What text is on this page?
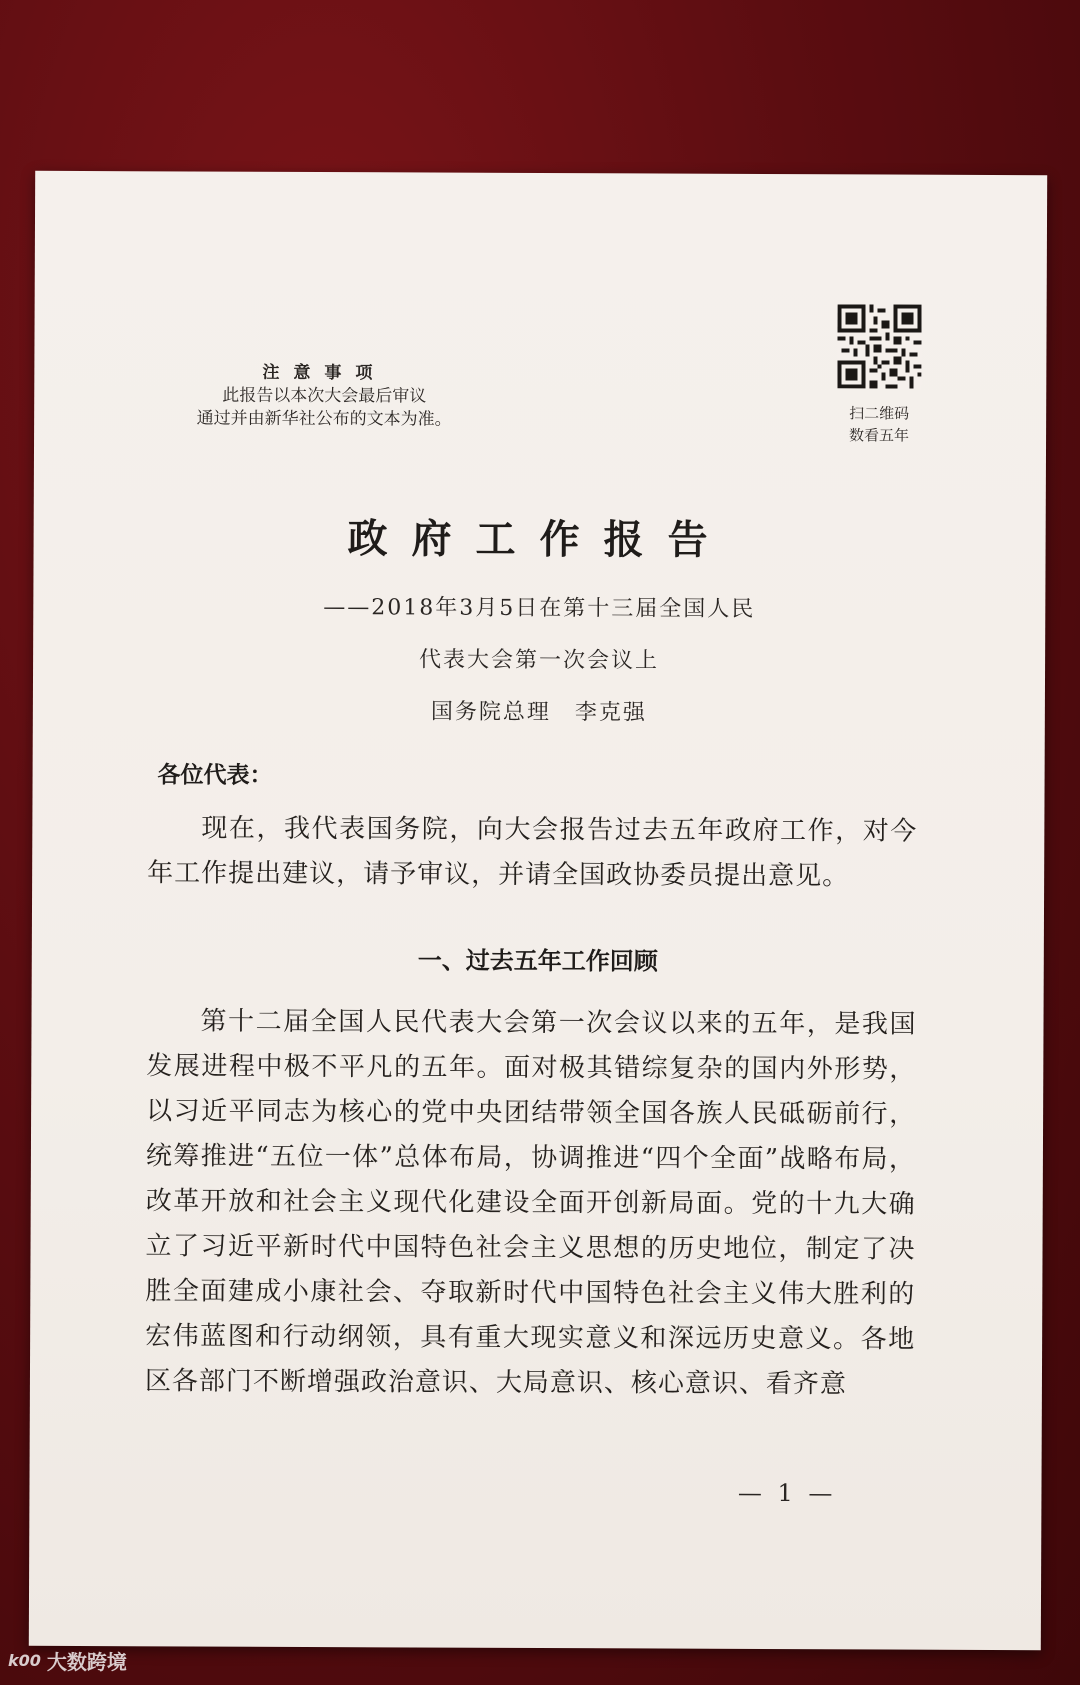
注意事项
此报告以本次大会最后审议
通过并由新华社公布的文本为准。	扫二维码
数看五年
政府工作报告
——2018年3月5日在第十三届全国人民
代表大会第一次会议上
国务院总理　李克强
各位代表：
现在，我代表国务院，向大会报告过去五年政府工作，对今年工作提出建议，请予审议，并请全国政协委员提出意见。
一、过去五年工作回顾
第十二届全国人民代表大会第一次会议以来的五年，是我国发展进程中极不平凡的五年。面对极其错综复杂的国内外形势，以习近平同志为核心的党中央团结带领全国各族人民砥砺前行，统筹推进“五位一体”总体布局，协调推进“四个全面”战略布局，改革开放和社会主义现代化建设全面开创新局面。党的十九大确立了习近平新时代中国特色社会主义思想的历史地位，制定了决胜全面建成小康社会、夺取新时代中国特色社会主义伟大胜利的宏伟蓝图和行动纲领，具有重大现实意义和深远历史意义。各地区各部门不断增强政治意识、大局意识、核心意识、看齐意
— 1 —
k00 大数跨境
